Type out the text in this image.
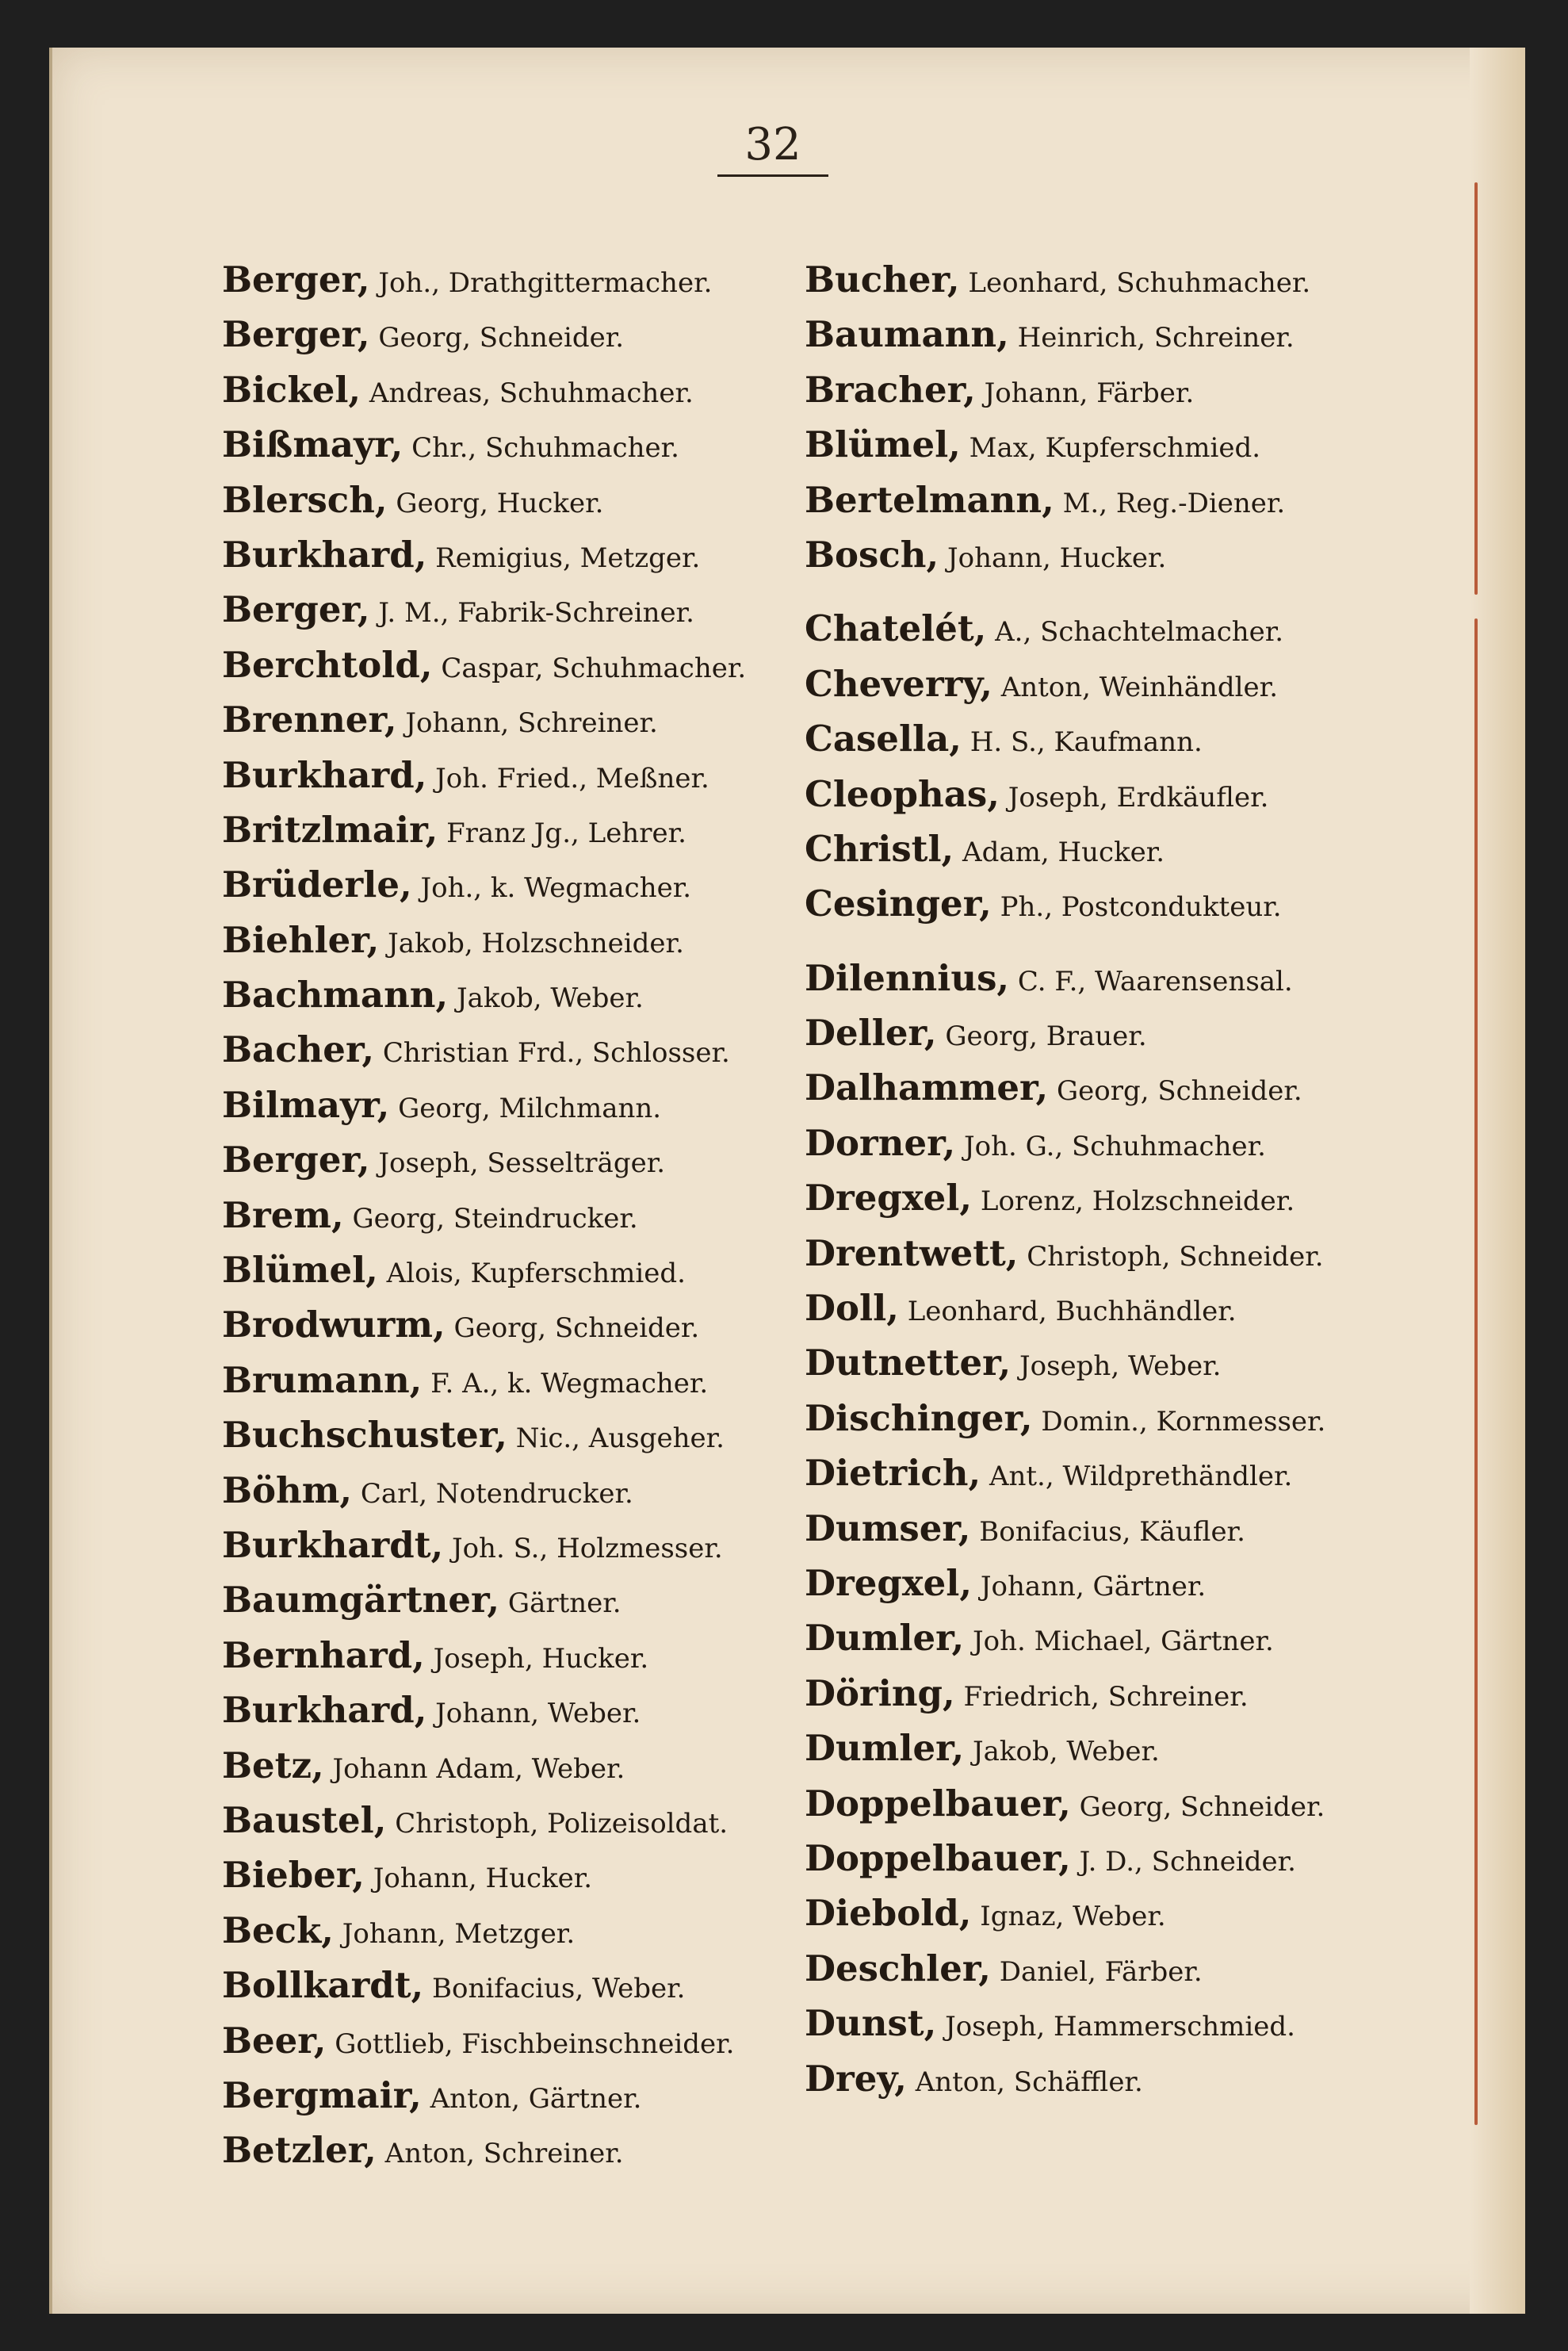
32
Berger, Joh., Drathgittermacher.
Berger, Georg, Schneider.
Bickel, Andreas, Schuhmacher.
Bißmayr, Chr., Schuhmacher.
Blersch, Georg, Hucker.
Burkhard, Remigius, Metzger.
Berger, J. M., Fabrik-Schreiner.
Berchtold, Caspar, Schuhmacher.
Brenner, Johann, Schreiner.
Burkhard, Joh. Fried., Meßner.
Britzlmair, Franz Jg., Lehrer.
Brüderle, Joh., k. Wegmacher.
Biehler, Jakob, Holzschneider.
Bachmann, Jakob, Weber.
Bacher, Christian Frd., Schlosser.
Bilmayr, Georg, Milchmann.
Berger, Joseph, Sesselträger.
Brem, Georg, Steindrucker.
Blümel, Alois, Kupferschmied.
Brodwurm, Georg, Schneider.
Brumann, F. A., k. Wegmacher.
Buchschuster, Nic., Ausgeher.
Böhm, Carl, Notendrucker.
Burkhardt, Joh. S., Holzmesser.
Baumgärtner, Gärtner.
Bernhard, Joseph, Hucker.
Burkhard, Johann, Weber.
Betz, Johann Adam, Weber.
Baustel, Christoph, Polizeisoldat.
Bieber, Johann, Hucker.
Beck, Johann, Metzger.
Bollkardt, Bonifacius, Weber.
Beer, Gottlieb, Fischbeinschneider.
Bergmair, Anton, Gärtner.
Betzler, Anton, Schreiner.
Bucher, Leonhard, Schuhmacher.
Baumann, Heinrich, Schreiner.
Bracher, Johann, Färber.
Blümel, Max, Kupferschmied.
Bertelmann, M., Reg.-Diener.
Bosch, Johann, Hucker.
Chatelét, A., Schachtelmacher.
Cheverry, Anton, Weinhändler.
Casella, H. S., Kaufmann.
Cleophas, Joseph, Erdkäufler.
Christl, Adam, Hucker.
Cesinger, Ph., Postcondukteur.
Dilennius, C. F., Waarensensal.
Deller, Georg, Brauer.
Dalhammer, Georg, Schneider.
Dorner, Joh. G., Schuhmacher.
Dregxel, Lorenz, Holzschneider.
Drentwett, Christoph, Schneider.
Doll, Leonhard, Buchhändler.
Dutnetter, Joseph, Weber.
Dischinger, Domin., Kornmesser.
Dietrich, Ant., Wildprethändler.
Dumser, Bonifacius, Käufler.
Dregxel, Johann, Gärtner.
Dumler, Joh. Michael, Gärtner.
Döring, Friedrich, Schreiner.
Dumler, Jakob, Weber.
Doppelbauer, Georg, Schneider.
Doppelbauer, J. D., Schneider.
Diebold, Ignaz, Weber.
Deschler, Daniel, Färber.
Dunst, Joseph, Hammerschmied.
Drey, Anton, Schäffler.
